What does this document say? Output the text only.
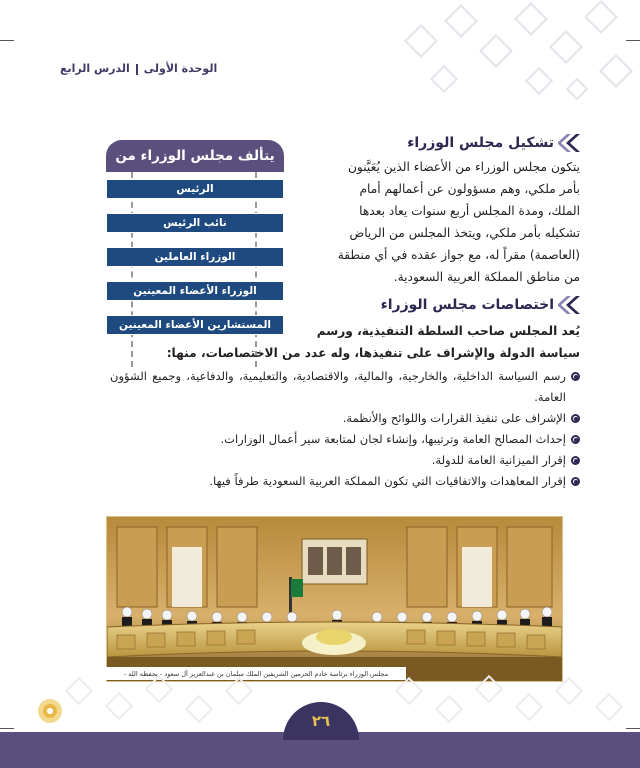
الوحدة الأولىالدرس الرابع
تشكيل مجلس الوزراء
يتكون مجلس الوزراء من الأعضاء الذين يُعَيَّنون
بأمر ملكي، وهم مسؤولون عن أعمالهم أمام
الملك، ومدة المجلس أربع سنوات يعاد بعدها
تشكيله بأمر ملكي، ويتخذ المجلس من الرياض
(العاصمة) مقراً له، مع جواز عقده في أي منطقة
من مناطق المملكة العربية السعودية.
يتألف مجلس الوزراء من
الرئيس
نائب الرئيس
الوزراء العاملين
الوزراء الأعضاء المعينين
المستشارين الأعضاء المعينين
اختصاصات مجلس الوزراء
يُعد المجلس صاحب السلطة التنفيذية، ورسم
سياسة الدولة والإشراف على تنفيذها، وله عدد من الاختصاصات، منها:
رسم السياسة الداخلية، والخارجية، والمالية، والاقتصادية، والتعليمية، والدفاعية، وجميع الشؤون العامة.
الإشراف على تنفيذ القرارات واللوائح والأنظمة.
إحداث المصالح العامة وترتيبها، وإنشاء لجان لمتابعة سير أعمال الوزارات.
إقرار الميزانية العامة للدولة.
إقرار المعاهدات والاتفاقيات التي تكون المملكة العربية السعودية طرفاً فيها.
مجلس الوزراء برئاسة خادم الحرمين الشريفين الملك سلمان بن عبدالعزيز آل سعود - يحفظه الله -
٢٦
